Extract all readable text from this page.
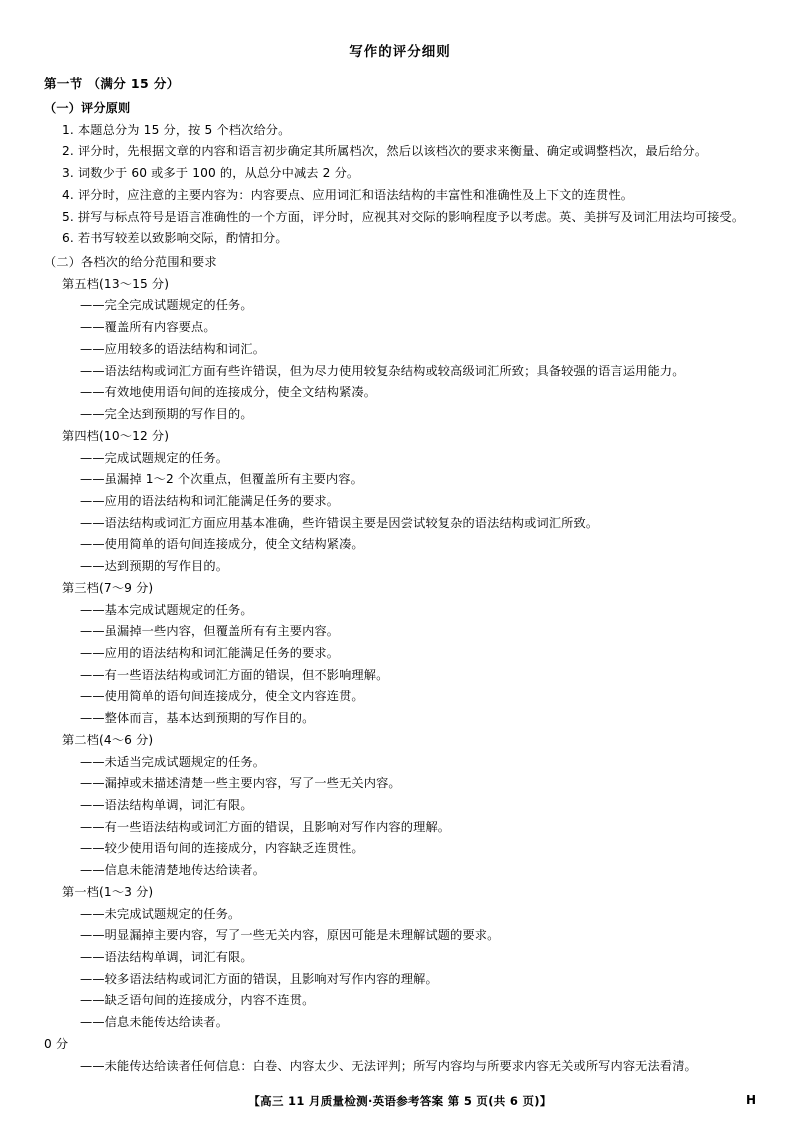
写作的评分细则
第一节 （满分 15 分）
（一）评分原则
1. 本题总分为 15 分，按 5 个档次给分。
2. 评分时，先根据文章的内容和语言初步确定其所属档次，然后以该档次的要求来衡量、确定或调整档次，最后给分。
3. 词数少于 60 或多于 100 的，从总分中减去 2 分。
4. 评分时，应注意的主要内容为：内容要点、应用词汇和语法结构的丰富性和准确性及上下文的连贯性。
5. 拼写与标点符号是语言准确性的一个方面，评分时，应视其对交际的影响程度予以考虑。英、美拼写及词汇用法均可接受。
6. 若书写较差以致影响交际，酌情扣分。
（二）各档次的给分范围和要求
第五档(13～15 分)
——完全完成试题规定的任务。
——覆盖所有内容要点。
——应用较多的语法结构和词汇。
——语法结构或词汇方面有些许错误，但为尽力使用较复杂结构或较高级词汇所致；具备较强的语言运用能力。
——有效地使用语句间的连接成分，使全文结构紧凑。
——完全达到预期的写作目的。
第四档(10～12 分)
——完成试题规定的任务。
——虽漏掉 1～2 个次重点，但覆盖所有主要内容。
——应用的语法结构和词汇能满足任务的要求。
——语法结构或词汇方面应用基本准确，些许错误主要是因尝试较复杂的语法结构或词汇所致。
——使用简单的语句间连接成分，使全文结构紧凑。
——达到预期的写作目的。
第三档(7～9 分)
——基本完成试题规定的任务。
——虽漏掉一些内容，但覆盖所有有主要内容。
——应用的语法结构和词汇能满足任务的要求。
——有一些语法结构或词汇方面的错误，但不影响理解。
——使用简单的语句间连接成分，使全文内容连贯。
——整体而言，基本达到预期的写作目的。
第二档(4～6 分)
——未适当完成试题规定的任务。
——漏掉或未描述清楚一些主要内容，写了一些无关内容。
——语法结构单调，词汇有限。
——有一些语法结构或词汇方面的错误，且影响对写作内容的理解。
——较少使用语句间的连接成分，内容缺乏连贯性。
——信息未能清楚地传达给读者。
第一档(1～3 分)
——未完成试题规定的任务。
——明显漏掉主要内容，写了一些无关内容，原因可能是未理解试题的要求。
——语法结构单调，词汇有限。
——较多语法结构或词汇方面的错误，且影响对写作内容的理解。
——缺乏语句间的连接成分，内容不连贯。
——信息未能传达给读者。
0 分
——未能传达给读者任何信息：白卷、内容太少、无法评判；所写内容均与所要求内容无关或所写内容无法看清。
【高三 11 月质量检测·英语参考答案 第 5 页(共 6 页)】	H
